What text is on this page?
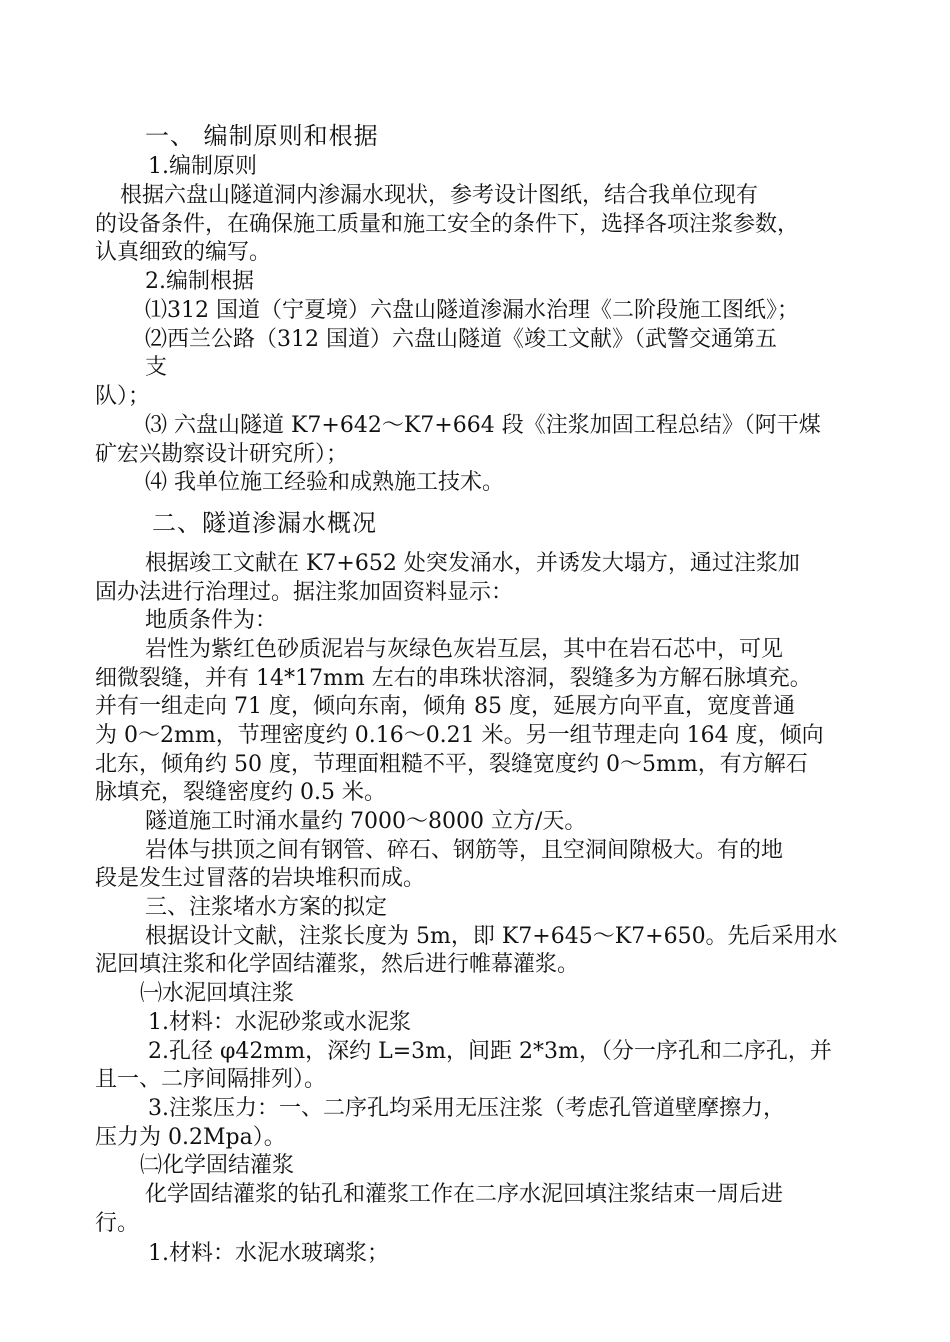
一、 编制原则和根据
1.编制原则
根据六盘山隧道洞内渗漏水现状，参考设计图纸，结合我单位现有
的设备条件，在确保施工质量和施工安全的条件下，选择各项注浆参数，
认真细致的编写。
2.编制根据
⑴312 国道（宁夏境）六盘山隧道渗漏水治理《二阶段施工图纸》；
⑵西兰公路（312 国道）六盘山隧道《竣工文献》（武警交通第五
支
队）；
⑶ 六盘山隧道 K7+642～K7+664 段《注浆加固工程总结》（阿干煤
矿宏兴勘察设计研究所）；
⑷ 我单位施工经验和成熟施工技术。
二、隧道渗漏水概况
根据竣工文献在 K7+652 处突发涌水，并诱发大塌方，通过注浆加
固办法进行治理过。据注浆加固资料显示：
地质条件为：
岩性为紫红色砂质泥岩与灰绿色灰岩互层，其中在岩石芯中，可见
细微裂缝，并有 14*17mm 左右的串珠状溶洞，裂缝多为方解石脉填充。
并有一组走向 71 度，倾向东南，倾角 85 度，延展方向平直，宽度普通
为 0～2mm，节理密度约 0.16～0.21 米。另一组节理走向 164 度，倾向
北东，倾角约 50 度，节理面粗糙不平，裂缝宽度约 0～5mm，有方解石
脉填充，裂缝密度约 0.5 米。
隧道施工时涌水量约 7000～8000 立方/天。
岩体与拱顶之间有钢管、碎石、钢筋等，且空洞间隙极大。有的地
段是发生过冒落的岩块堆积而成。
三、注浆堵水方案的拟定
根据设计文献，注浆长度为 5m，即 K7+645～K7+650。先后采用水
泥回填注浆和化学固结灌浆，然后进行帷幕灌浆。
㈠水泥回填注浆
1.材料：水泥砂浆或水泥浆
2.孔径 φ42mm，深约 L=3m，间距 2*3m，（分一序孔和二序孔，并
且一、二序间隔排列）。
3.注浆压力：一、二序孔均采用无压注浆（考虑孔管道壁摩擦力，
压力为 0.2Mpa）。
㈡化学固结灌浆
化学固结灌浆的钻孔和灌浆工作在二序水泥回填注浆结束一周后进
行。
1.材料：水泥水玻璃浆；
